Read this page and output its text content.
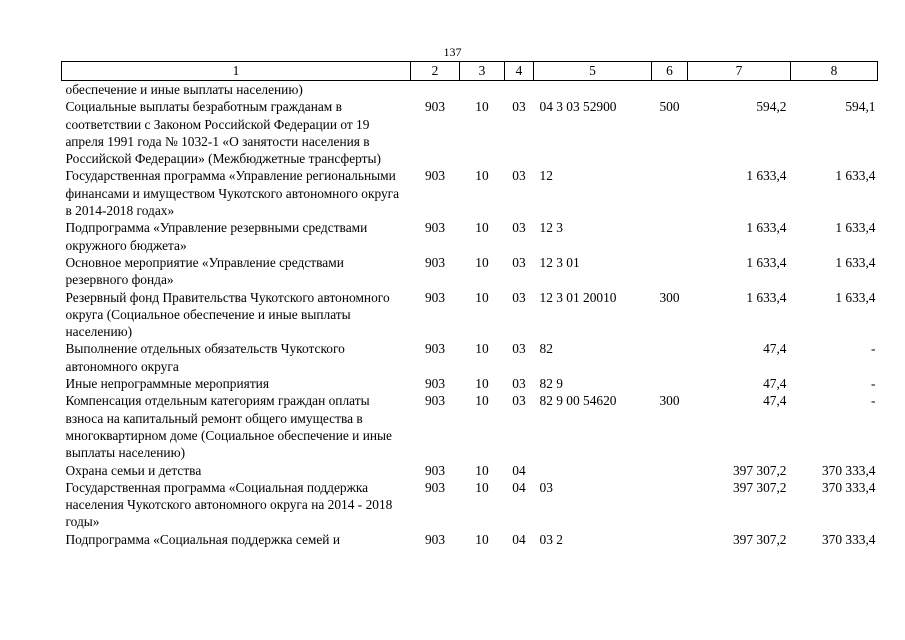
137
1	2	3	4	5	6	7	8
обеспечение и иные выплаты населению)							
Социальные выплаты безработным гражданам в соответствии с Законом Российской Федерации от 19 апреля 1991 года № 1032-1 «О занятости населения в Российской Федерации» (Межбюджетные трансферты)	903	10	03	04 3 03 52900	500	594,2	594,1
Государственная программа «Управление региональными финансами и имуществом Чукотского автономного округа в 2014-2018 годах»	903	10	03	12		1 633,4	1 633,4
Подпрограмма «Управление резервными средствами окружного бюджета»	903	10	03	12 3		1 633,4	1 633,4
Основное мероприятие «Управление средствами резервного фонда»	903	10	03	12 3 01		1 633,4	1 633,4
Резервный фонд Правительства Чукотского автономного округа (Социальное обеспечение и иные выплаты населению)	903	10	03	12 3 01 20010	300	1 633,4	1 633,4
Выполнение отдельных обязательств Чукотского автономного округа	903	10	03	82		47,4	-
Иные непрограммные мероприятия	903	10	03	82 9		47,4	-
Компенсация отдельным категориям граждан оплаты взноса на капитальный ремонт общего имущества в многоквартирном доме (Социальное обеспечение и иные выплаты населению)	903	10	03	82 9 00 54620	300	47,4	-
Охрана семьи и детства	903	10	04			397 307,2	370 333,4
Государственная программа «Социальная поддержка населения Чукотского автономного округа на 2014 - 2018 годы»	903	10	04	03		397 307,2	370 333,4
Подпрограмма «Социальная поддержка семей и	903	10	04	03 2		397 307,2	370 333,4
